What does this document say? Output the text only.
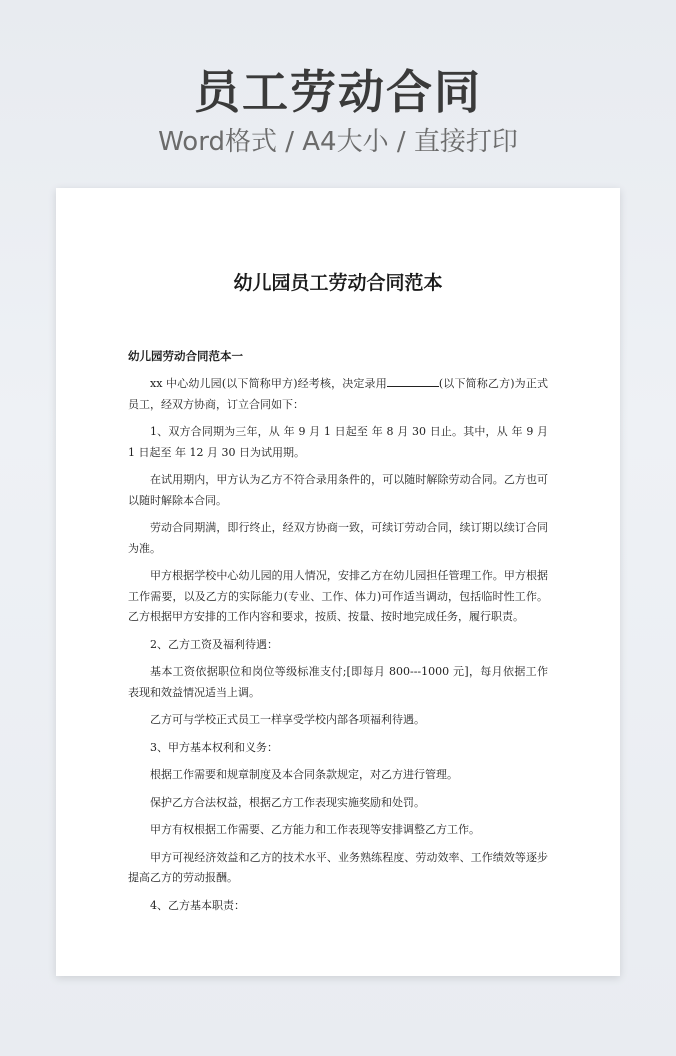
员工劳动合同
Word格式 / A4大小 / 直接打印
幼儿园员工劳动合同范本
幼儿园劳动合同范本一

xx 中心幼儿园(以下简称甲方)经考核，决定录用	(以下简称乙方)为正式员工，经双方协商，订立合同如下：

1、双方合同期为三年，从 年 9 月 1 日起至 年 8 月 30 日止。其中，从 年 9 月 1 日起至 年 12 月 30 日为试用期。

在试用期内，甲方认为乙方不符合录用条件的，可以随时解除劳动合同。乙方也可以随时解除本合同。

劳动合同期满，即行终止，经双方协商一致，可续订劳动合同，续订期以续订合同为准。

甲方根据学校中心幼儿园的用人情况，安排乙方在幼儿园担任管理工作。甲方根据工作需要，以及乙方的实际能力(专业、工作、体力)可作适当调动，包括临时性工作。乙方根据甲方安排的工作内容和要求，按质、按量、按时地完成任务，履行职责。

2、乙方工资及福利待遇：

基本工资依据职位和岗位等级标准支付;[即每月 800---1000 元]，每月依据工作表现和效益情况适当上调。

乙方可与学校正式员工一样享受学校内部各项福利待遇。

3、甲方基本权利和义务：

根据工作需要和规章制度及本合同条款规定，对乙方进行管理。

保护乙方合法权益，根据乙方工作表现实施奖励和处罚。

甲方有权根据工作需要、乙方能力和工作表现等安排调整乙方工作。

甲方可视经济效益和乙方的技术水平、业务熟练程度、劳动效率、工作绩效等逐步提高乙方的劳动报酬。

4、乙方基本职责：
